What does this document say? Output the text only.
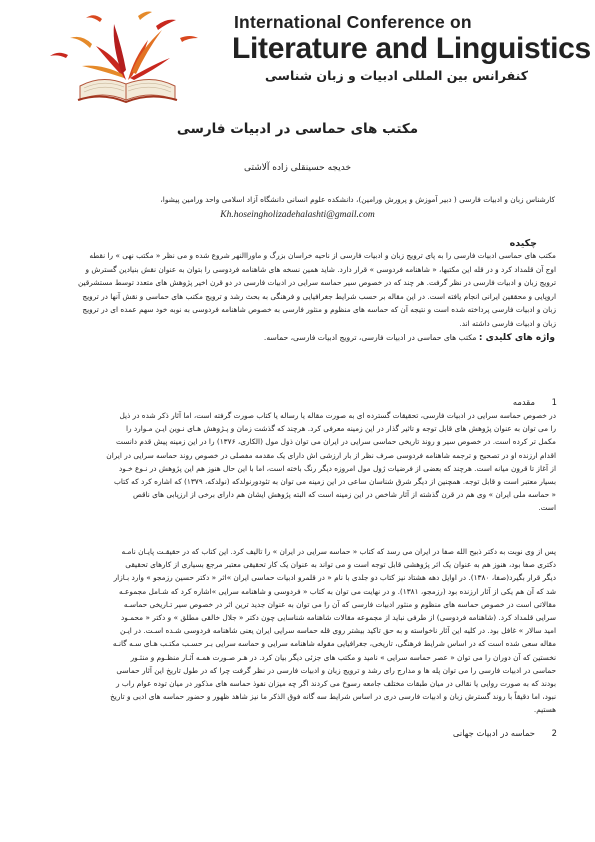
International Conference on
Literature and Linguistics
کنفرانس بین المللی ادبیات و زبان شناسی
مکتب های حماسی در ادبیات فارسی
خدیجه حسینقلی زاده آلاشتی
کارشناس زبان و ادبیات فارسی ( دبیر آموزش و پرورش ورامین)، دانشکده علوم انسانی دانشگاه آزاد اسلامی واحد ورامین پیشوا،
Kh.hoseingholizadehalashti@gmail.com
چکیده
مکتب های حماسی ادبیات فارسی را به پای ترویج زبان و ادبیات فارسی از ناحیه خراسان بزرگ و ماوراالنهر شروع شده و می نظر « مکتب نهی » را نقطه
اوج آن قلمداد کرد و در قله این مکتبها، « شاهنامه فردوسی » قرار دارد. شاید همین نسخه های شاهنامه فردوسی را بتوان به عنوان نقش بنیادین گسترش و
ترویج زبان و ادبیات فارسی در نظر گرفت. هر چند که در خصوص سیر حماسه سرایی در ادبیات فارسی در دو قرن اخیر پژوهش های متعدد توسط مستشرقین
اروپایی و محققین ایرانی انجام یافته است. در این مقاله بر حسب شرایط جغرافیایی و فرهنگی به بحث رشد و ترویج مکتب های حماسی و نقش آنها در ترویج
زبان و ادبیات فارسی پرداخته شده است و نتیجه آن که حماسه های منظوم و منثور فارسی به خصوص شاهنامه فردوسی به نوبه خود سهم عمده ای در ترویج
زبان و ادبیات فارسی داشته اند.
واژه های کلیدی : مکتب های حماسی در ادبیات فارسی، ترویج ادبیات فارسی، حماسه.
1 مقدمه
در خصوص حماسه سرایی در ادبیات فارسی، تحقیقات گسترده ای به صورت مقاله یا رساله یا کتاب صورت گرفته است، اما آثار ذکر شده در ذیل
را می توان به عنوان پژوهش های قابل توجه و تاثیر گذار در این زمینه معرفی کرد. هرچند که گذشت زمان و پـژوهش هـای نـوین ایـن مـوارد را
مکمل تر کرده است. در خصوص سیر و روند تاریخی حماسی سرایی در ایران می توان ذول مول (الکاری، ۱۳۷۶) را در این زمینه پیش قدم دانست
اقدام ارزنده او در تصحیح و ترجمه شاهنامه فردوسی صرف نظر از بار ارزشی اش دارای یک مقدمه مفصلی در خصوص روند حماسه سرایی در ایران
از آغاز تا قرون میانه است. هرچند که بعضی از فرضیات ژول مول امروزه دیگر رنگ باخته است، اما با این حال هنوز هم این پژوهش در نـوع خـود
بسیار معتبر است و قابل توجه. همچنین از دیگر شرق شناسان ساعی در این زمینه می توان به تئودورنولدکه (نولدکه، ۱۳۷۹) که اشاره کرد که کتاب
« حماسه ملی ایران » وی هم در قرن گذشته از آثار شاخص در این زمینه است که البته پژوهش ایشان هم دارای برخی از ارزیابی های ناقص
است.
پس از وی نوبت به دکتر ذبیح الله صفا در ایران می رسد که کتاب « حماسه سرایی در ایران » را تالیف کرد. این کتاب که در حقیقـت پایـان نامـه
دکتری صفا بود، هنوز هم به عنوان یک اثر پژوهشی قابل توجه است و می تواند به عنوان یک کار تحقیقی معتبر مرجع بسیاری از کارهای تحقیقی
دیگر قرار بگیرد(صفا، ۱۳۸۰). در اوایل دهه هشتاد نیز کتاب دو جلدی با نام « در قلمرو ادبیات حماسی ایران »اثر « دکتر حسین رزمجو » وارد بـازار
شد که آن هم یکی از آثار ارزنده بود (رزمجو، ۱۳۸۱). و در نهایت می توان به کتاب « فردوسی و شاهنامه سرایی »اشاره کرد که شـامل مجموعـه
مقالاتی است در خصوص حماسه های منظوم و منثور ادبیات فارسی که آن را می توان به عنوان جدید ترین اثر در خصوص سیر تـاریخی حماسـه
سرایی قلمداد کرد. (شاهنامه فردوسی) از طرفی نباید از مجموعه مقالات شاهنامه شناسایی چون دکتر « جلال خالقی مطلق » و دکتر « محمـود
امید سالار » غافل بود. در کلیه این آثار ناخواسته و به حق تاکید بیشتر روی قله حماسه سرایی ایران یعنی شاهنامه فردوسی شـده اسـت. در ایـن
مقاله سعی شده است که در اساس شرایط فرهنگی، تاریخی، جغرافیایی مقوله شاهنامه سرایی و حماسه سرایی بـر حسـب مکتـب هـای سـه گانـه
نخستین که آن دوران را می توان « عصر حماسه سرایی » نامید و مکتب های جزئی دیگر بیان کرد. در هـر صـورت همـه آثـار منظـوم و منثـور
حماسی در ادبیات فارسی را می توان پله ها و مدارج رای رشد و ترویج زبان و ادبیات فارسی در نظر گرفت چرا که در طول تاریخ این آثار حماسی
بودند که به صورت روایی یا نقالی در میان طبقات مختلف جامعه رسوخ می کردند اگر چه میزان نفوذ حماسه های مذکور در میان توده عوام راب ر
نبود، اما دقیقاً با روند گسترش زبان و ادبیات فارسی دری در اساس شرایط سه گانه فوق الذکر ما نیز شاهد ظهور و حضور حماسه های ادبی و تاریخ
هستیم.
2 حماسه در ادبیات جهانی
